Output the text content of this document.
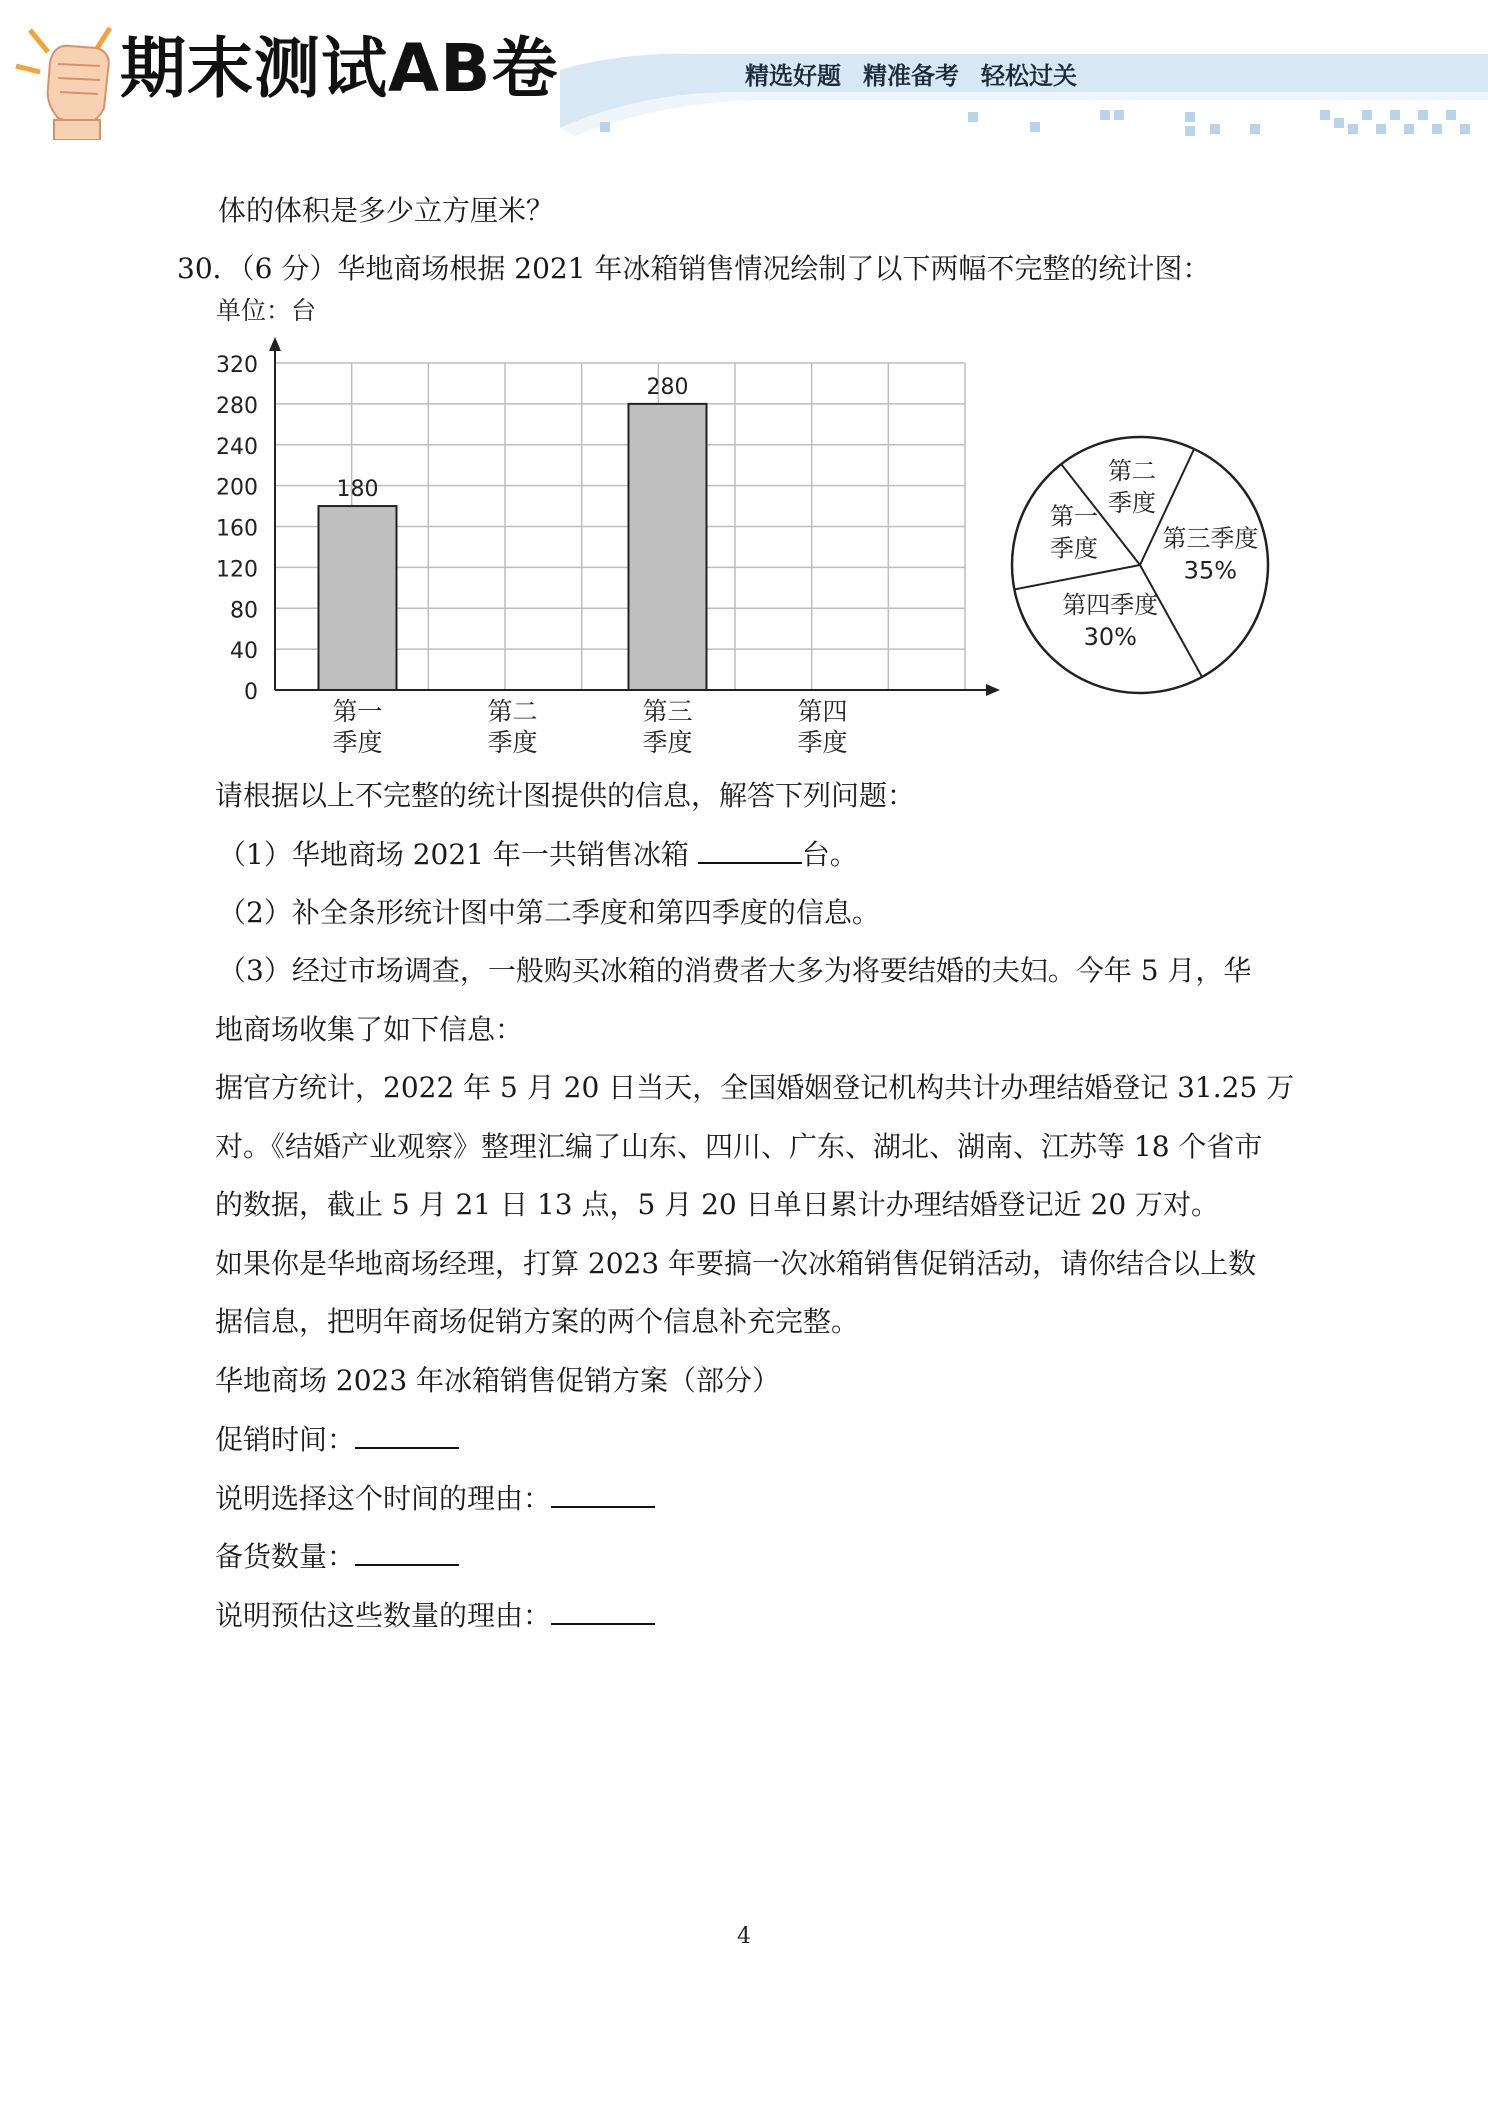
期末测试AB卷	精选好题 精准备考 轻松过关
体的体积是多少立方厘米？
30．（6 分）华地商场根据 2021 年冰箱销售情况绘制了以下两幅不完整的统计图：
单位：台
0
40
80
120
160
200
240
280
320
180
280
第一
季度
第二
季度
第三
季度
第四
季度
第三季度
35%
第四季度
30%
第一
季度
第二
季度
请根据以上不完整的统计图提供的信息，解答下列问题：
（1）华地商场 2021 年一共销售冰箱	台。
（2）补全条形统计图中第二季度和第四季度的信息。
（3）经过市场调查，一般购买冰箱的消费者大多为将要结婚的夫妇。今年 5 月，华
地商场收集了如下信息：
据官方统计，2022 年 5 月 20 日当天，全国婚姻登记机构共计办理结婚登记 31.25 万
对。《结婚产业观察》整理汇编了山东、四川、广东、湖北、湖南、江苏等 18 个省市
的数据，截止 5 月 21 日 13 点，5 月 20 日单日累计办理结婚登记近 20 万对。
如果你是华地商场经理，打算 2023 年要搞一次冰箱销售促销活动，请你结合以上数
据信息，把明年商场促销方案的两个信息补充完整。
华地商场 2023 年冰箱销售促销方案（部分）
促销时间：
说明选择这个时间的理由：
备货数量：
说明预估这些数量的理由：
4
